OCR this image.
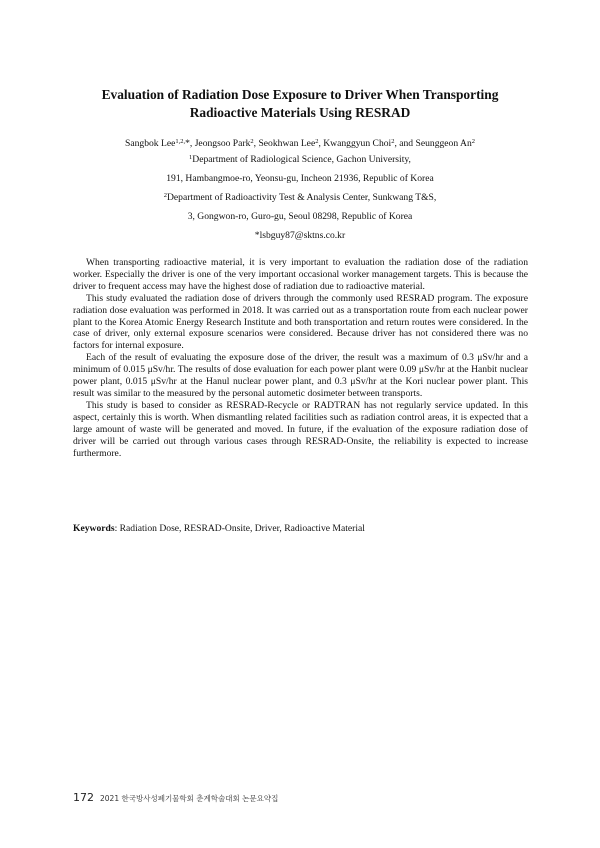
Evaluation of Radiation Dose Exposure to Driver When Transporting
Radioactive Materials Using RESRAD
Sangbok Lee$^{1,2,}$*, Jeongsoo Park$^2$, Seokhwan Lee$^2$, Kwanggyun Choi$^2$, and Seunggeon An$^2$
$^1$Department of Radiological Science, Gachon University,
191, Hambangmoe-ro, Yeonsu-gu, Incheon 21936, Republic of Korea
$^2$Department of Radioactivity Test & Analysis Center, Sunkwang T&S,
3, Gongwon-ro, Guro-gu, Seoul 08298, Republic of Korea
*lsbguy87@sktns.co.kr

When transporting radioactive material, it is very important to evaluation the radiation dose of the radiation worker. Especially the driver is one of the very important occasional worker management targets. This is because the driver to frequent access may have the highest dose of radiation due to radioactive material.

This study evaluated the radiation dose of drivers through the commonly used RESRAD program. The exposure radiation dose evaluation was performed in 2018. It was carried out as a transportation route from each nuclear power plant to the Korea Atomic Energy Research Institute and both transportation and return routes were considered. In the case of driver, only external exposure scenarios were considered. Because driver has not considered there was no factors for internal exposure.

Each of the result of evaluating the exposure dose of the driver, the result was a maximum of 0.3 μSv/hr and a minimum of 0.015 μSv/hr. The results of dose evaluation for each power plant were 0.09 μSv/hr at the Hanbit nuclear power plant, 0.015 μSv/hr at the Hanul nuclear power plant, and 0.3 μSv/hr at the Kori nuclear power plant. This result was similar to the measured by the personal autometic dosimeter between transports.

This study is based to consider as RESRAD-Recycle or RADTRAN has not regularly service updated. In this aspect, certainly this is worth. When dismantling related facilities such as radiation control areas, it is expected that a large amount of waste will be generated and moved. In future, if the evaluation of the exposure radiation dose of driver will be carried out through various cases through RESRAD-Onsite, the reliability is expected to increase furthermore.

Keywords: Radiation Dose, RESRAD-Onsite, Driver, Radioactive Material
172 2021 한국방사성폐기물학회 춘계학술대회 논문요약집
